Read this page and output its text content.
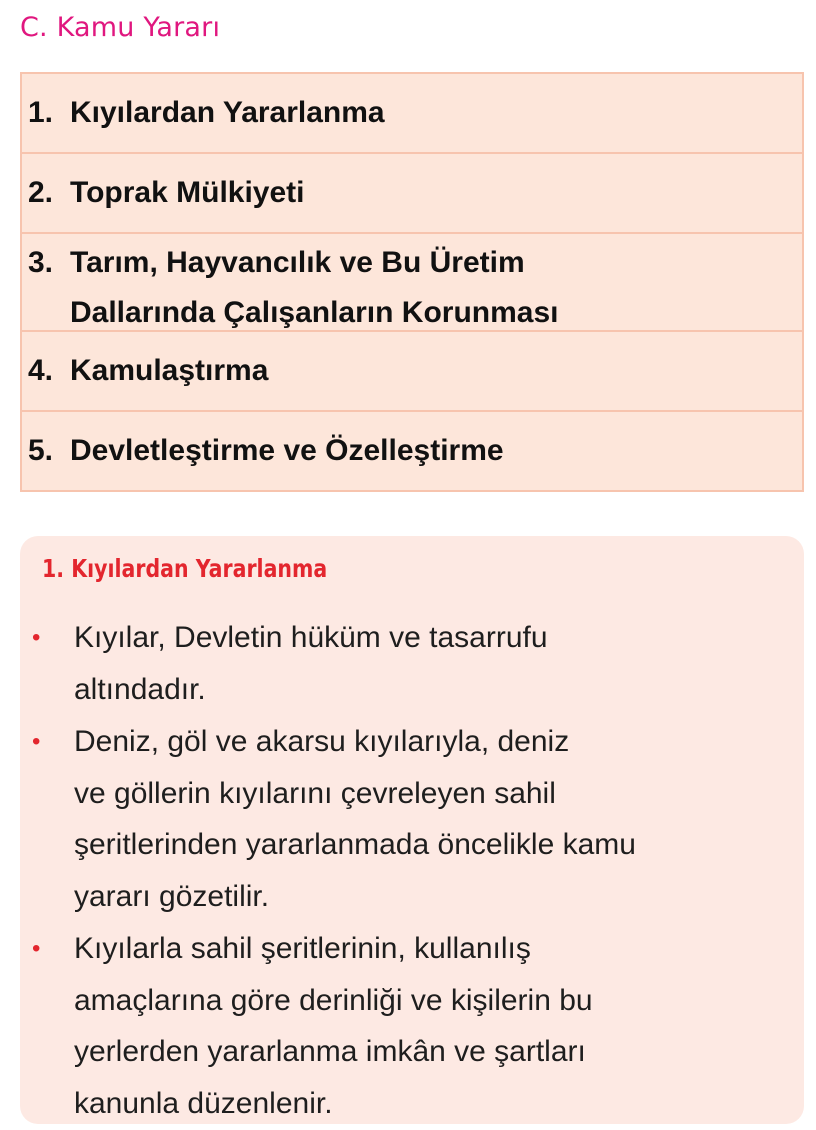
C. Kamu Yararı
1. Kıyılardan Yararlanma
2. Toprak Mülkiyeti
3. Tarım, Hayvancılık ve Bu Üretim
Dallarında Çalışanların Korunması
4. Kamulaştırma
5. Devletleştirme ve Özelleştirme
1. Kıyılardan Yararlanma
• Kıyılar, Devletin hüküm ve tasarrufu
altındadır.
• Deniz, göl ve akarsu kıyılarıyla, deniz
ve göllerin kıyılarını çevreleyen sahil
şeritlerinden yararlanmada öncelikle kamu
yararı gözetilir.
• Kıyılarla sahil şeritlerinin, kullanılış
amaçlarına göre derinliği ve kişilerin bu
yerlerden yararlanma imkân ve şartları
kanunla düzenlenir.
